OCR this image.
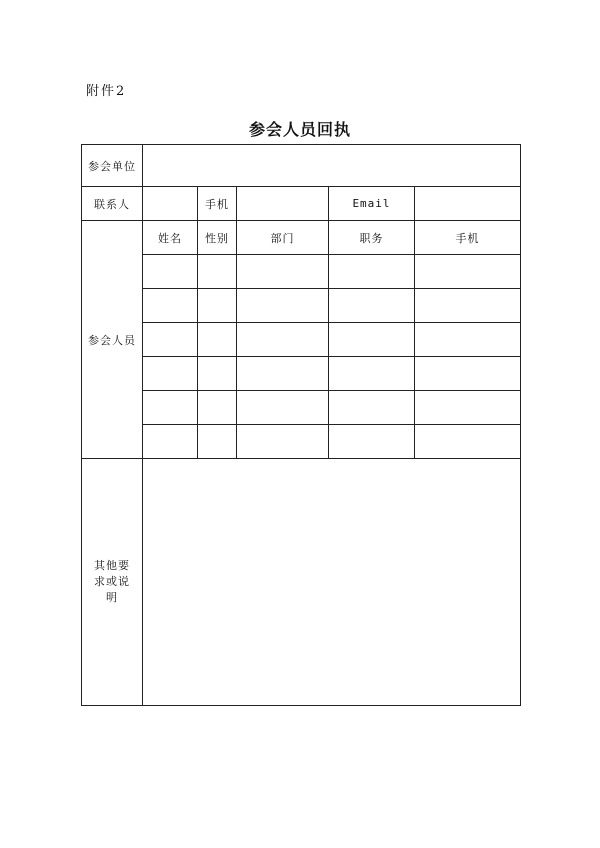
附件2
参会人员回执
参会单位					
联系人		手机		Email	
参会人员	姓名	性别	部门	职务	手机

其他要求或说明					
